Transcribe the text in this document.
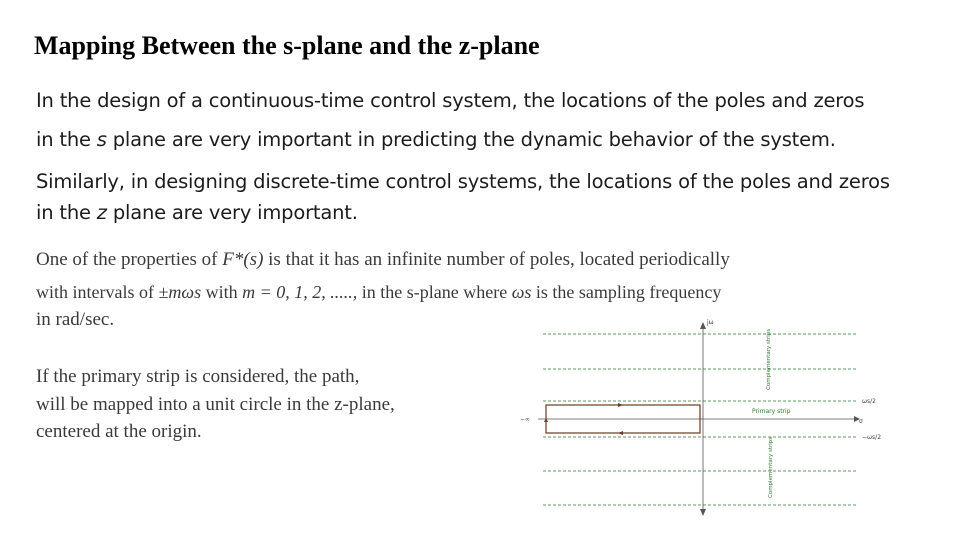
Mapping Between the s-plane and the z-plane
In the design of a continuous-time control system, the locations of the poles and zeros
in the s plane are very important in predicting the dynamic behavior of the system.
Similarly, in designing discrete-time control systems, the locations of the poles and zeros
in the z plane are very important.
One of the properties of F*(s) is that it has an infinite number of poles, located periodically
with intervals of ±mωs with m = 0, 1, 2, ....., in the s-plane where ωs is the sampling frequency
in rad/sec.
If the primary strip is considered, the path,
will be mapped into a unit circle in the z-plane,
centered at the origin.
jω
σ
−∞
ωs/2
−ωs/2
Primary strip
Complementary strips
Complementary strips
